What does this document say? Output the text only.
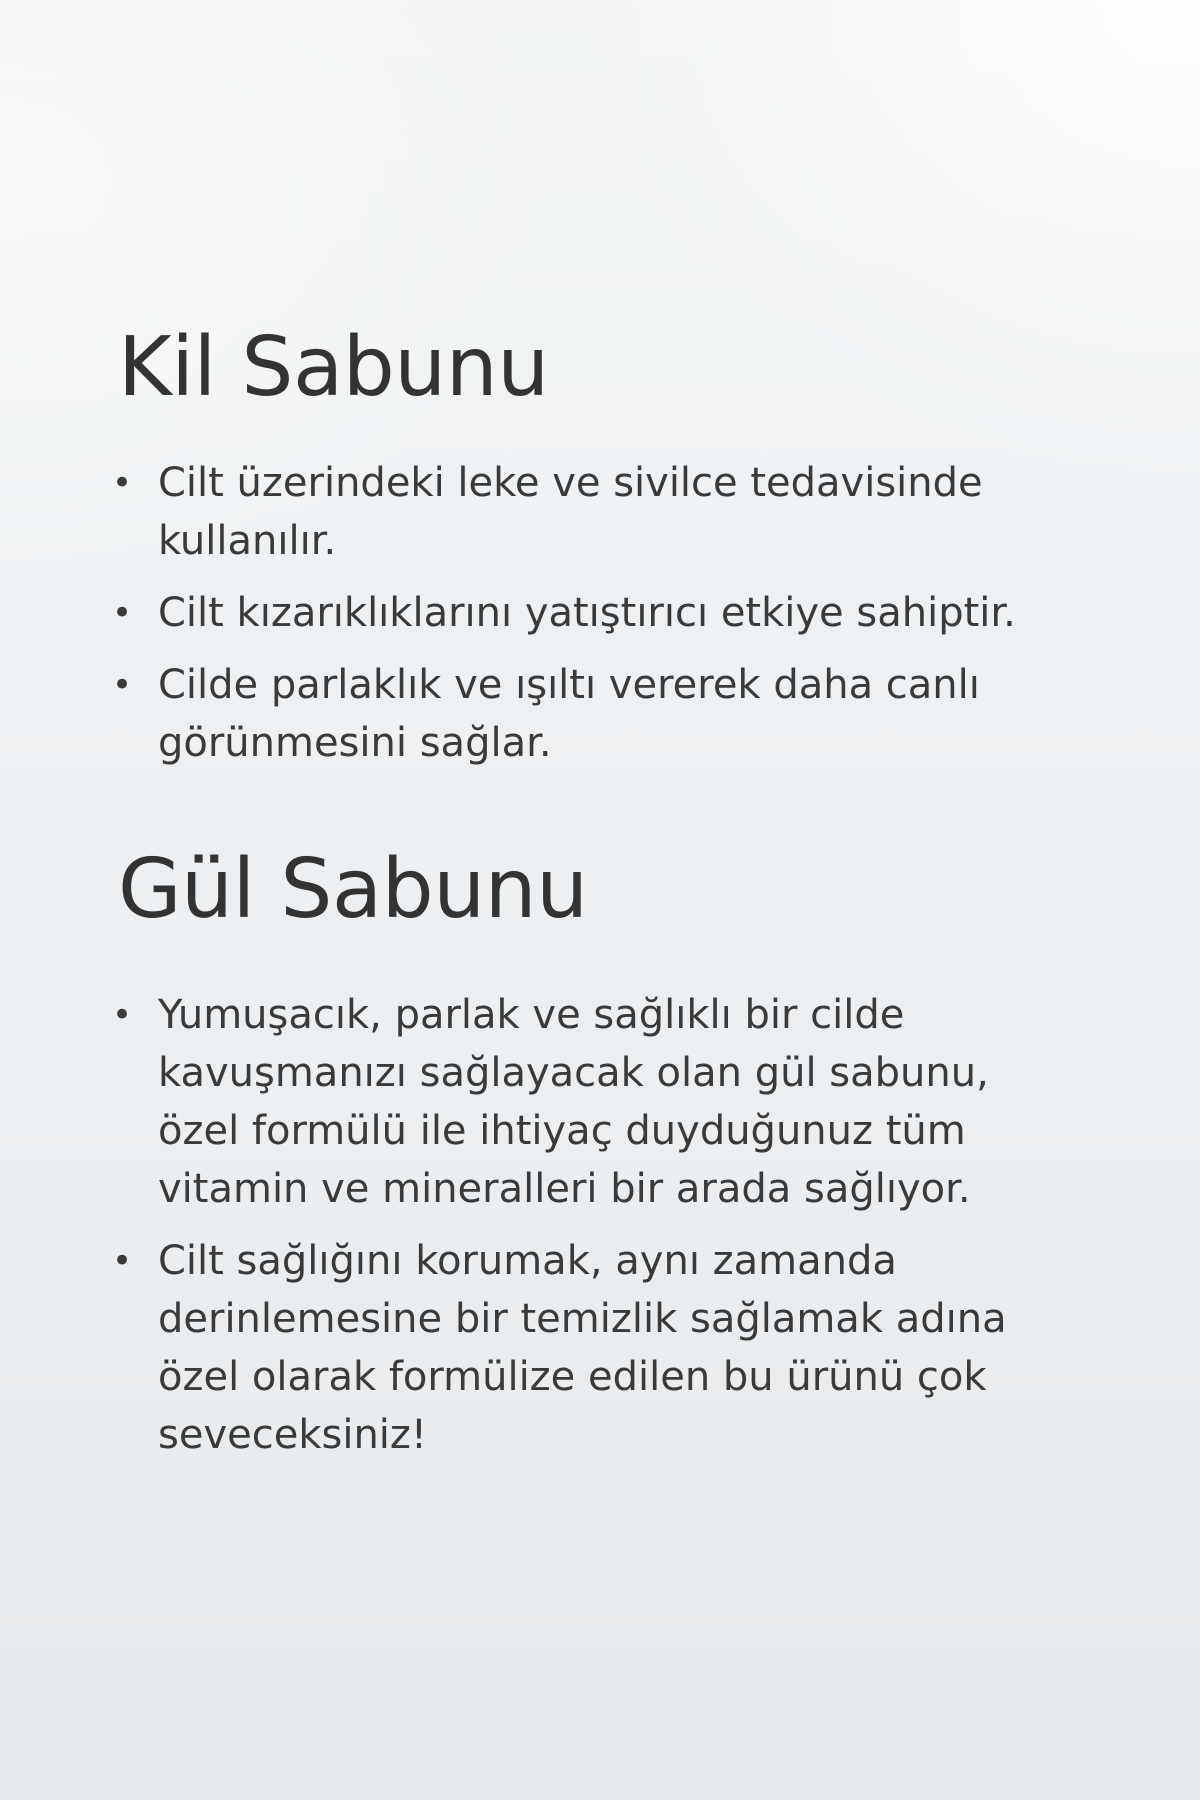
Kil Sabunu
• Cilt üzerindeki leke ve sivilce tedavisinde kullanılır.
• Cilt kızarıklıklarını yatıştırıcı etkiye sahiptir.
• Cilde parlaklık ve ışıltı vererek daha canlı görünmesini sağlar.
Gül Sabunu
• Yumuşacık, parlak ve sağlıklı bir cilde kavuşmanızı sağlayacak olan gül sabunu, özel formülü ile ihtiyaç duyduğunuz tüm vitamin ve mineralleri bir arada sağlıyor.
• Cilt sağlığını korumak, aynı zamanda derinlemesine bir temizlik sağlamak adına özel olarak formülize edilen bu ürünü çok seveceksiniz!
